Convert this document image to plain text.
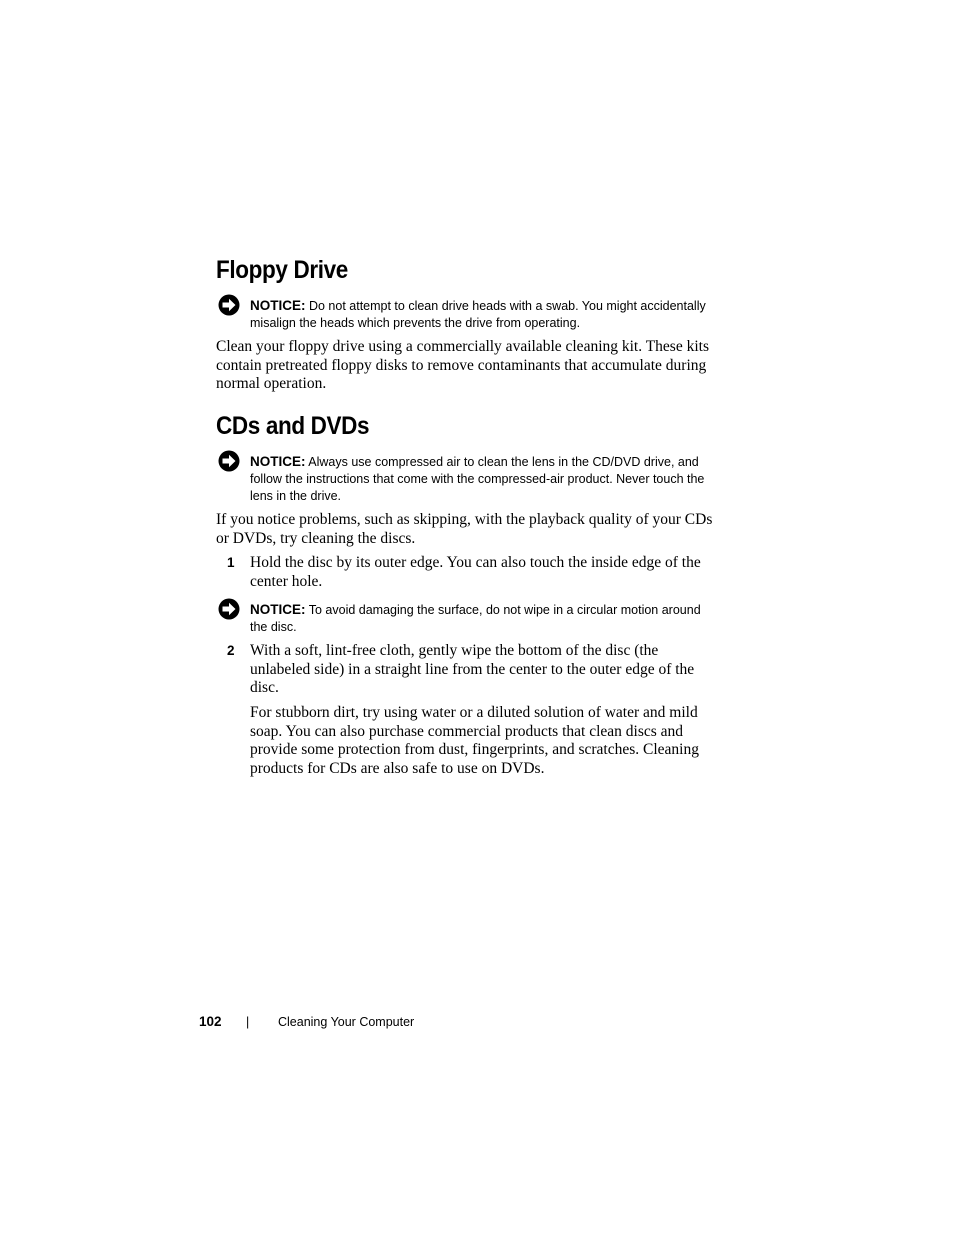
Floppy Drive
NOTICE: Do not attempt to clean drive heads with a swab. You might accidentally misalign the heads which prevents the drive from operating.

Clean your floppy drive using a commercially available cleaning kit. These kits contain pretreated floppy disks to remove contaminants that accumulate during normal operation.

CDs and DVDs
NOTICE: Always use compressed air to clean the lens in the CD/DVD drive, and follow the instructions that come with the compressed-air product. Never touch the lens in the drive.

If you notice problems, such as skipping, with the playback quality of your CDs or DVDs, try cleaning the discs.

1 Hold the disc by its outer edge. You can also touch the inside edge of the center hole.

NOTICE: To avoid damaging the surface, do not wipe in a circular motion around the disc.
2 With a soft, lint-free cloth, gently wipe the bottom of the disc (the unlabeled side) in a straight line from the center to the outer edge of the disc.

For stubborn dirt, try using water or a diluted solution of water and mild soap. You can also purchase commercial products that clean discs and provide some protection from dust, fingerprints, and scratches. Cleaning products for CDs are also safe to use on DVDs.

102 | Cleaning Your Computer
